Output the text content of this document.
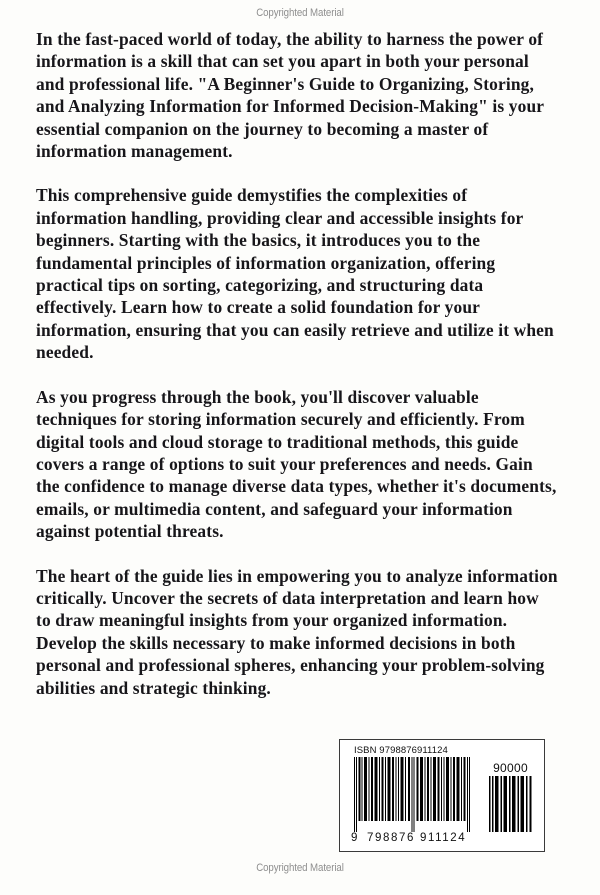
Copyrighted Material

In the fast-paced world of today, the ability to harness the power of information is a skill that can set you apart in both your personal and professional life. "A Beginner's Guide to Organizing, Storing, and Analyzing Information for Informed Decision-Making" is your essential companion on the journey to becoming a master of information management.

This comprehensive guide demystifies the complexities of information handling, providing clear and accessible insights for beginners. Starting with the basics, it introduces you to the fundamental principles of information organization, offering practical tips on sorting, categorizing, and structuring data effectively. Learn how to create a solid foundation for your information, ensuring that you can easily retrieve and utilize it when needed.

As you progress through the book, you'll discover valuable techniques for storing information securely and efficiently. From digital tools and cloud storage to traditional methods, this guide covers a range of options to suit your preferences and needs. Gain the confidence to manage diverse data types, whether it's documents, emails, or multimedia content, and safeguard your information against potential threats.

The heart of the guide lies in empowering you to analyze information critically. Uncover the secrets of data interpretation and learn how to draw meaningful insights from your organized information. Develop the skills necessary to make informed decisions in both personal and professional spheres, enhancing your problem-solving abilities and strategic thinking.

ISBN 9798876911124
9 798876 911124
90000
Copyrighted Material
